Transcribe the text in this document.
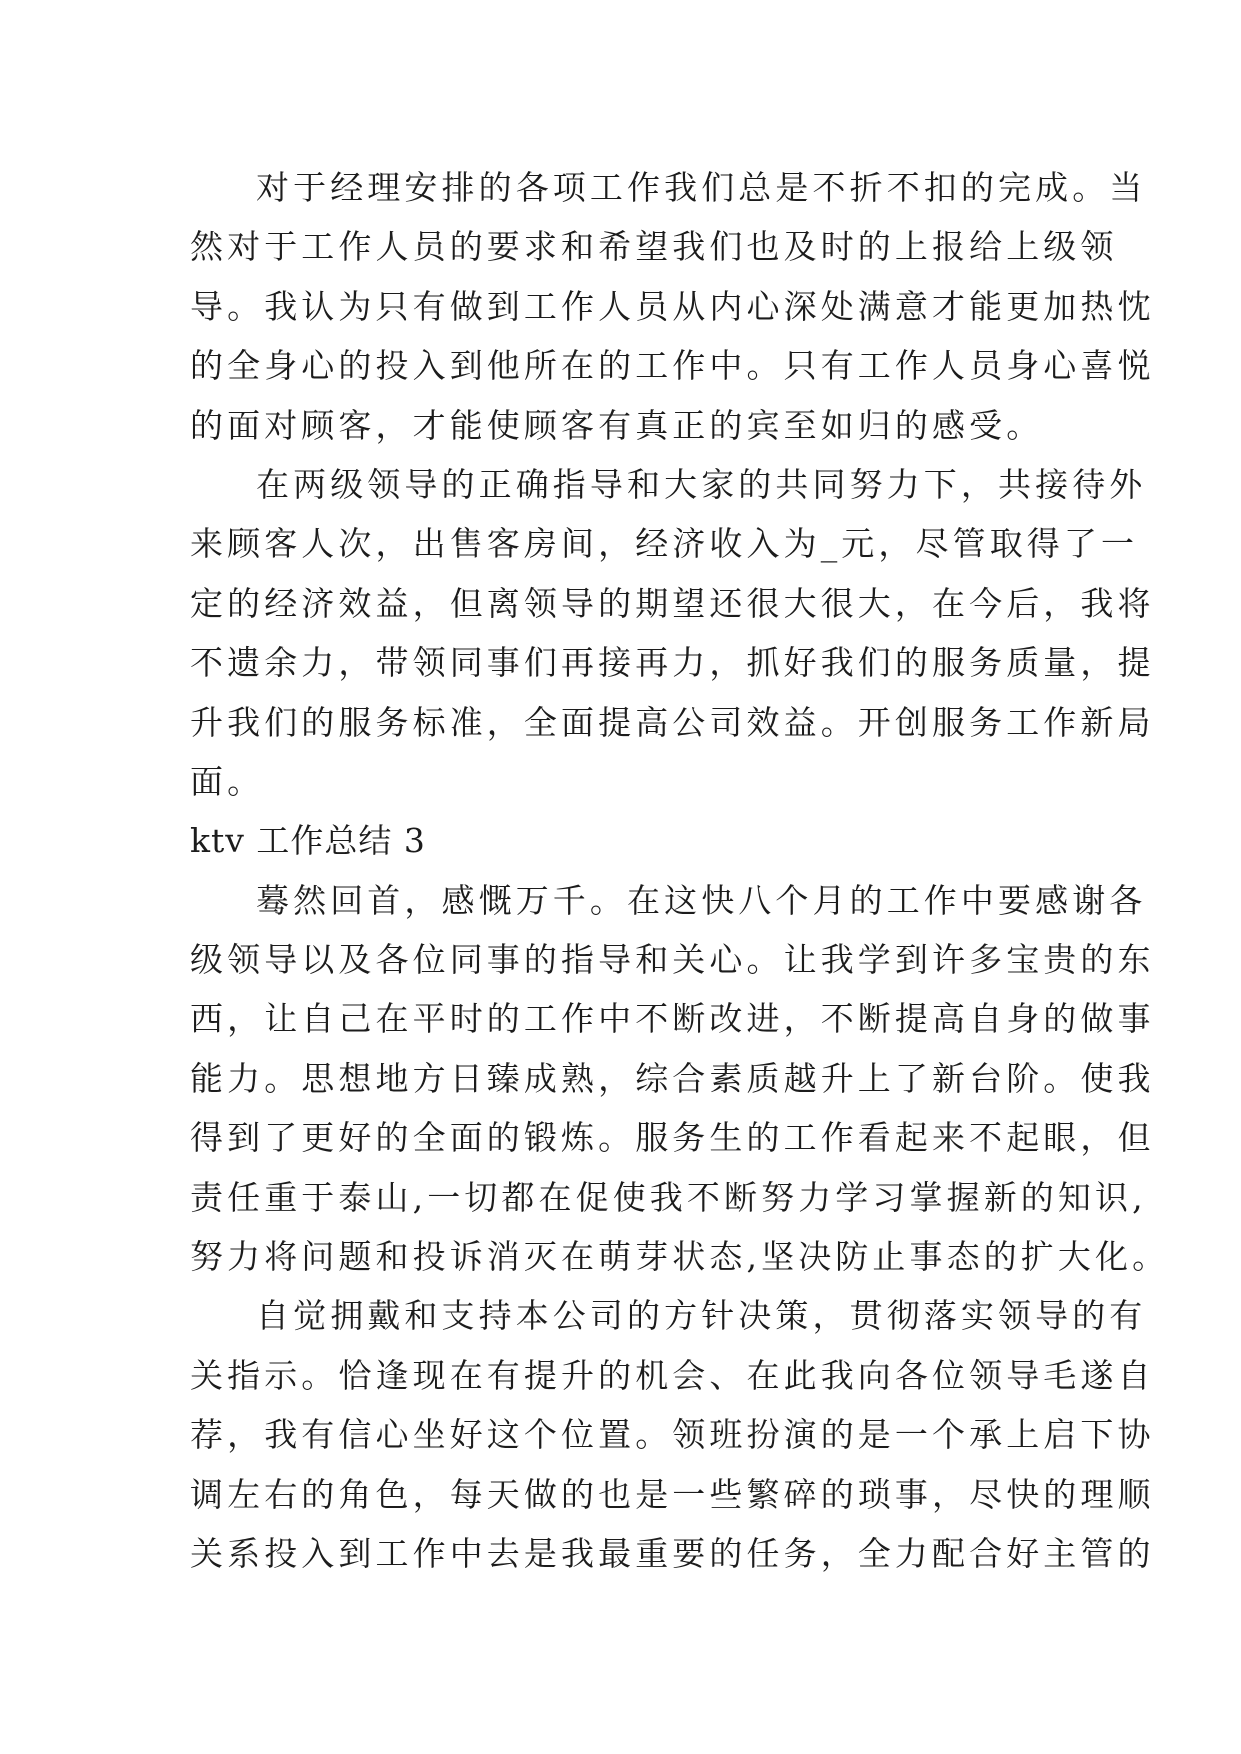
对于经理安排的各项工作我们总是不折不扣的完成。当
然对于工作人员的要求和希望我们也及时的上报给上级领
导。我认为只有做到工作人员从内心深处满意才能更加热忱
的全身心的投入到他所在的工作中。只有工作人员身心喜悦
的面对顾客，才能使顾客有真正的宾至如归的感受。
在两级领导的正确指导和大家的共同努力下，共接待外
来顾客人次，出售客房间，经济收入为_元，尽管取得了一
定的经济效益，但离领导的期望还很大很大，在今后，我将
不遗余力，带领同事们再接再力，抓好我们的服务质量，提
升我们的服务标准，全面提高公司效益。开创服务工作新局
面。
ktv 工作总结 3
蓦然回首，感慨万千。在这快八个月的工作中要感谢各
级领导以及各位同事的指导和关心。让我学到许多宝贵的东
西，让自己在平时的工作中不断改进，不断提高自身的做事
能力。思想地方日臻成熟，综合素质越升上了新台阶。使我
得到了更好的全面的锻炼。服务生的工作看起来不起眼，但
责任重于泰山,一切都在促使我不断努力学习掌握新的知识,
努力将问题和投诉消灭在萌芽状态,坚决防止事态的扩大化。
自觉拥戴和支持本公司的方针决策，贯彻落实领导的有
关指示。恰逢现在有提升的机会、在此我向各位领导毛遂自
荐，我有信心坐好这个位置。领班扮演的是一个承上启下协
调左右的角色，每天做的也是一些繁碎的琐事，尽快的理顺
关系投入到工作中去是我最重要的任务，全力配合好主管的
